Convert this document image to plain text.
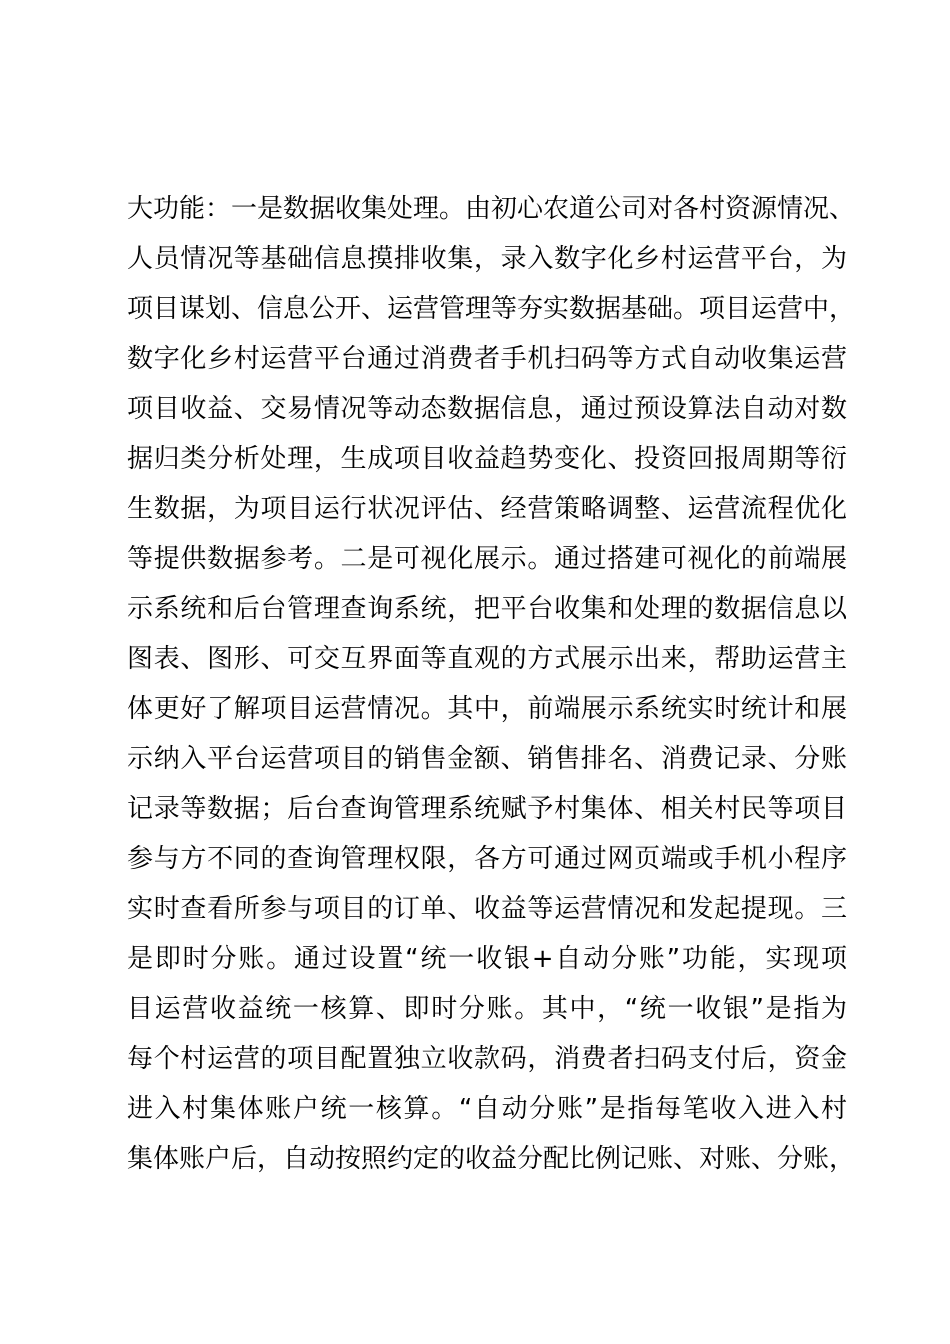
大功能：一是数据收集处理。由初心农道公司对各村资源情况、
人员情况等基础信息摸排收集，录入数字化乡村运营平台，为
项目谋划、信息公开、运营管理等夯实数据基础。项目运营中，
数字化乡村运营平台通过消费者手机扫码等方式自动收集运营
项目收益、交易情况等动态数据信息，通过预设算法自动对数
据归类分析处理，生成项目收益趋势变化、投资回报周期等衍
生数据，为项目运行状况评估、经营策略调整、运营流程优化
等提供数据参考。二是可视化展示。通过搭建可视化的前端展
示系统和后台管理查询系统，把平台收集和处理的数据信息以
图表、图形、可交互界面等直观的方式展示出来，帮助运营主
体更好了解项目运营情况。其中，前端展示系统实时统计和展
示纳入平台运营项目的销售金额、销售排名、消费记录、分账
记录等数据；后台查询管理系统赋予村集体、相关村民等项目
参与方不同的查询管理权限，各方可通过网页端或手机小程序
实时查看所参与项目的订单、收益等运营情况和发起提现。三
是即时分账。通过设置“统一收银+自动分账”功能，实现项
目运营收益统一核算、即时分账。其中，“统一收银”是指为
每个村运营的项目配置独立收款码，消费者扫码支付后，资金
进入村集体账户统一核算。“自动分账”是指每笔收入进入村
集体账户后，自动按照约定的收益分配比例记账、对账、分账，
